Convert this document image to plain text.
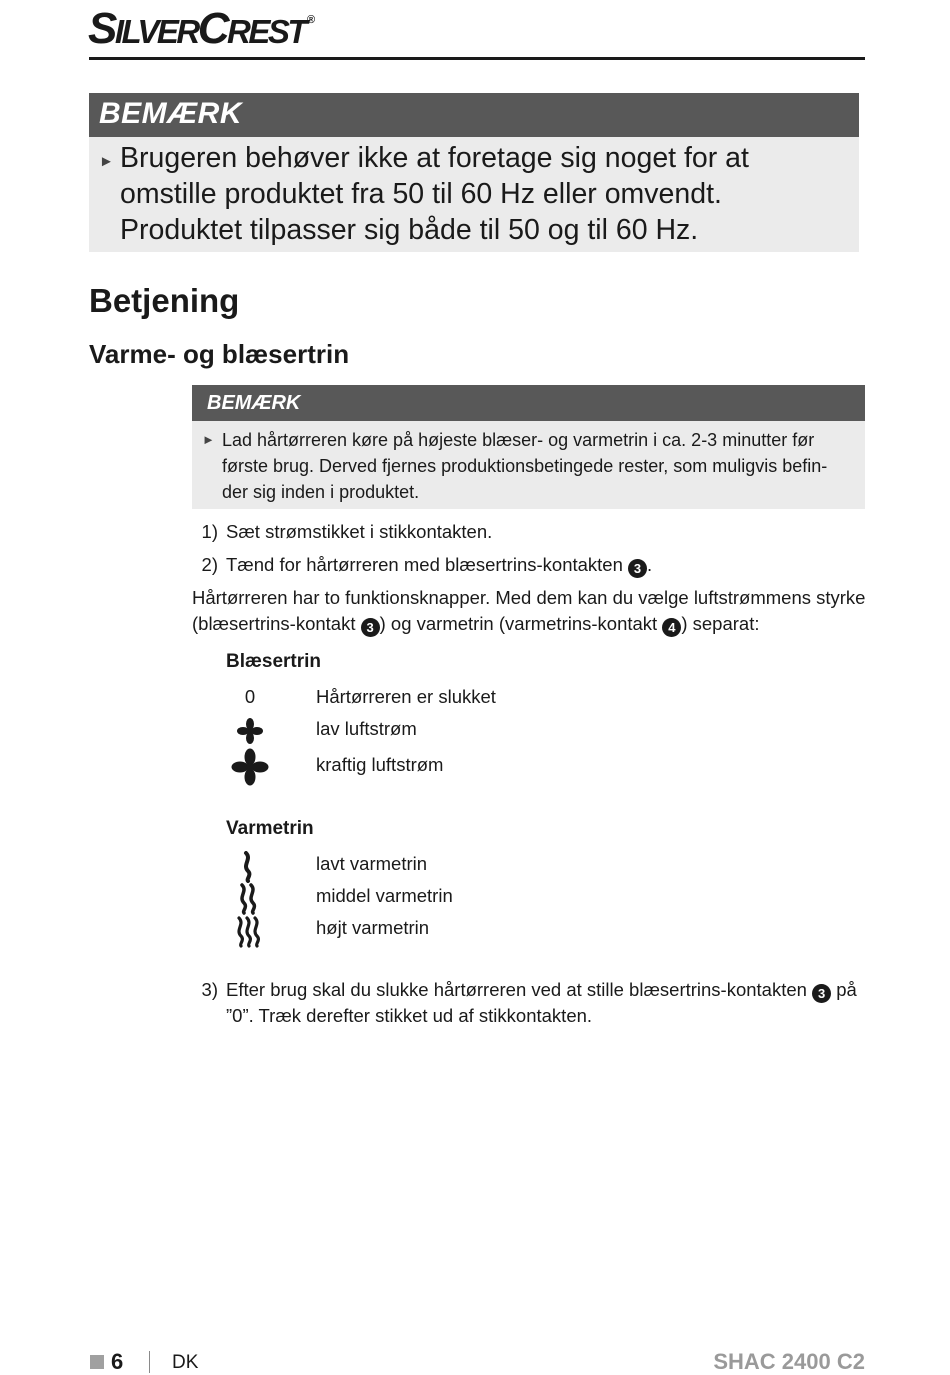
SILVERCREST ®
BEMÆRK
► Brugeren behøver ikke at foretage sig noget for at omstille produktet fra 50 til 60 Hz eller omvendt. Produktet tilpasser sig både til 50 og til 60 Hz.
Betjening
Varme- og blæsertrin
BEMÆRK
► Lad hårtørreren køre på højeste blæser- og varmetrin i ca. 2-3 minutter før første brug. Derved fjernes produktionsbetingede rester, som muligvis befin-der sig inden i produktet.
1) Sæt strømstikket i stikkontakten.
2) Tænd for hårtørreren med blæsertrins-kontakten 3 .
Hårtørreren har to funktionsknapper. Med dem kan du vælge luftstrømmens styrke
(blæsertrins-kontakt 3 ) og varmetrin (varmetrins-kontakt 4 ) separat:
Blæsertrin
0	Hårtørreren er slukket
lav luftstrøm
kraftig luftstrøm
Varmetrin
lavt varmetrin
middel varmetrin
højt varmetrin
3) Efter brug skal du slukke hårtørreren ved at stille blæsertrins-kontakten 3 på
”0”. Træk derefter stikket ud af stikkontakten.
6	DK	SHAC 2400 C2
